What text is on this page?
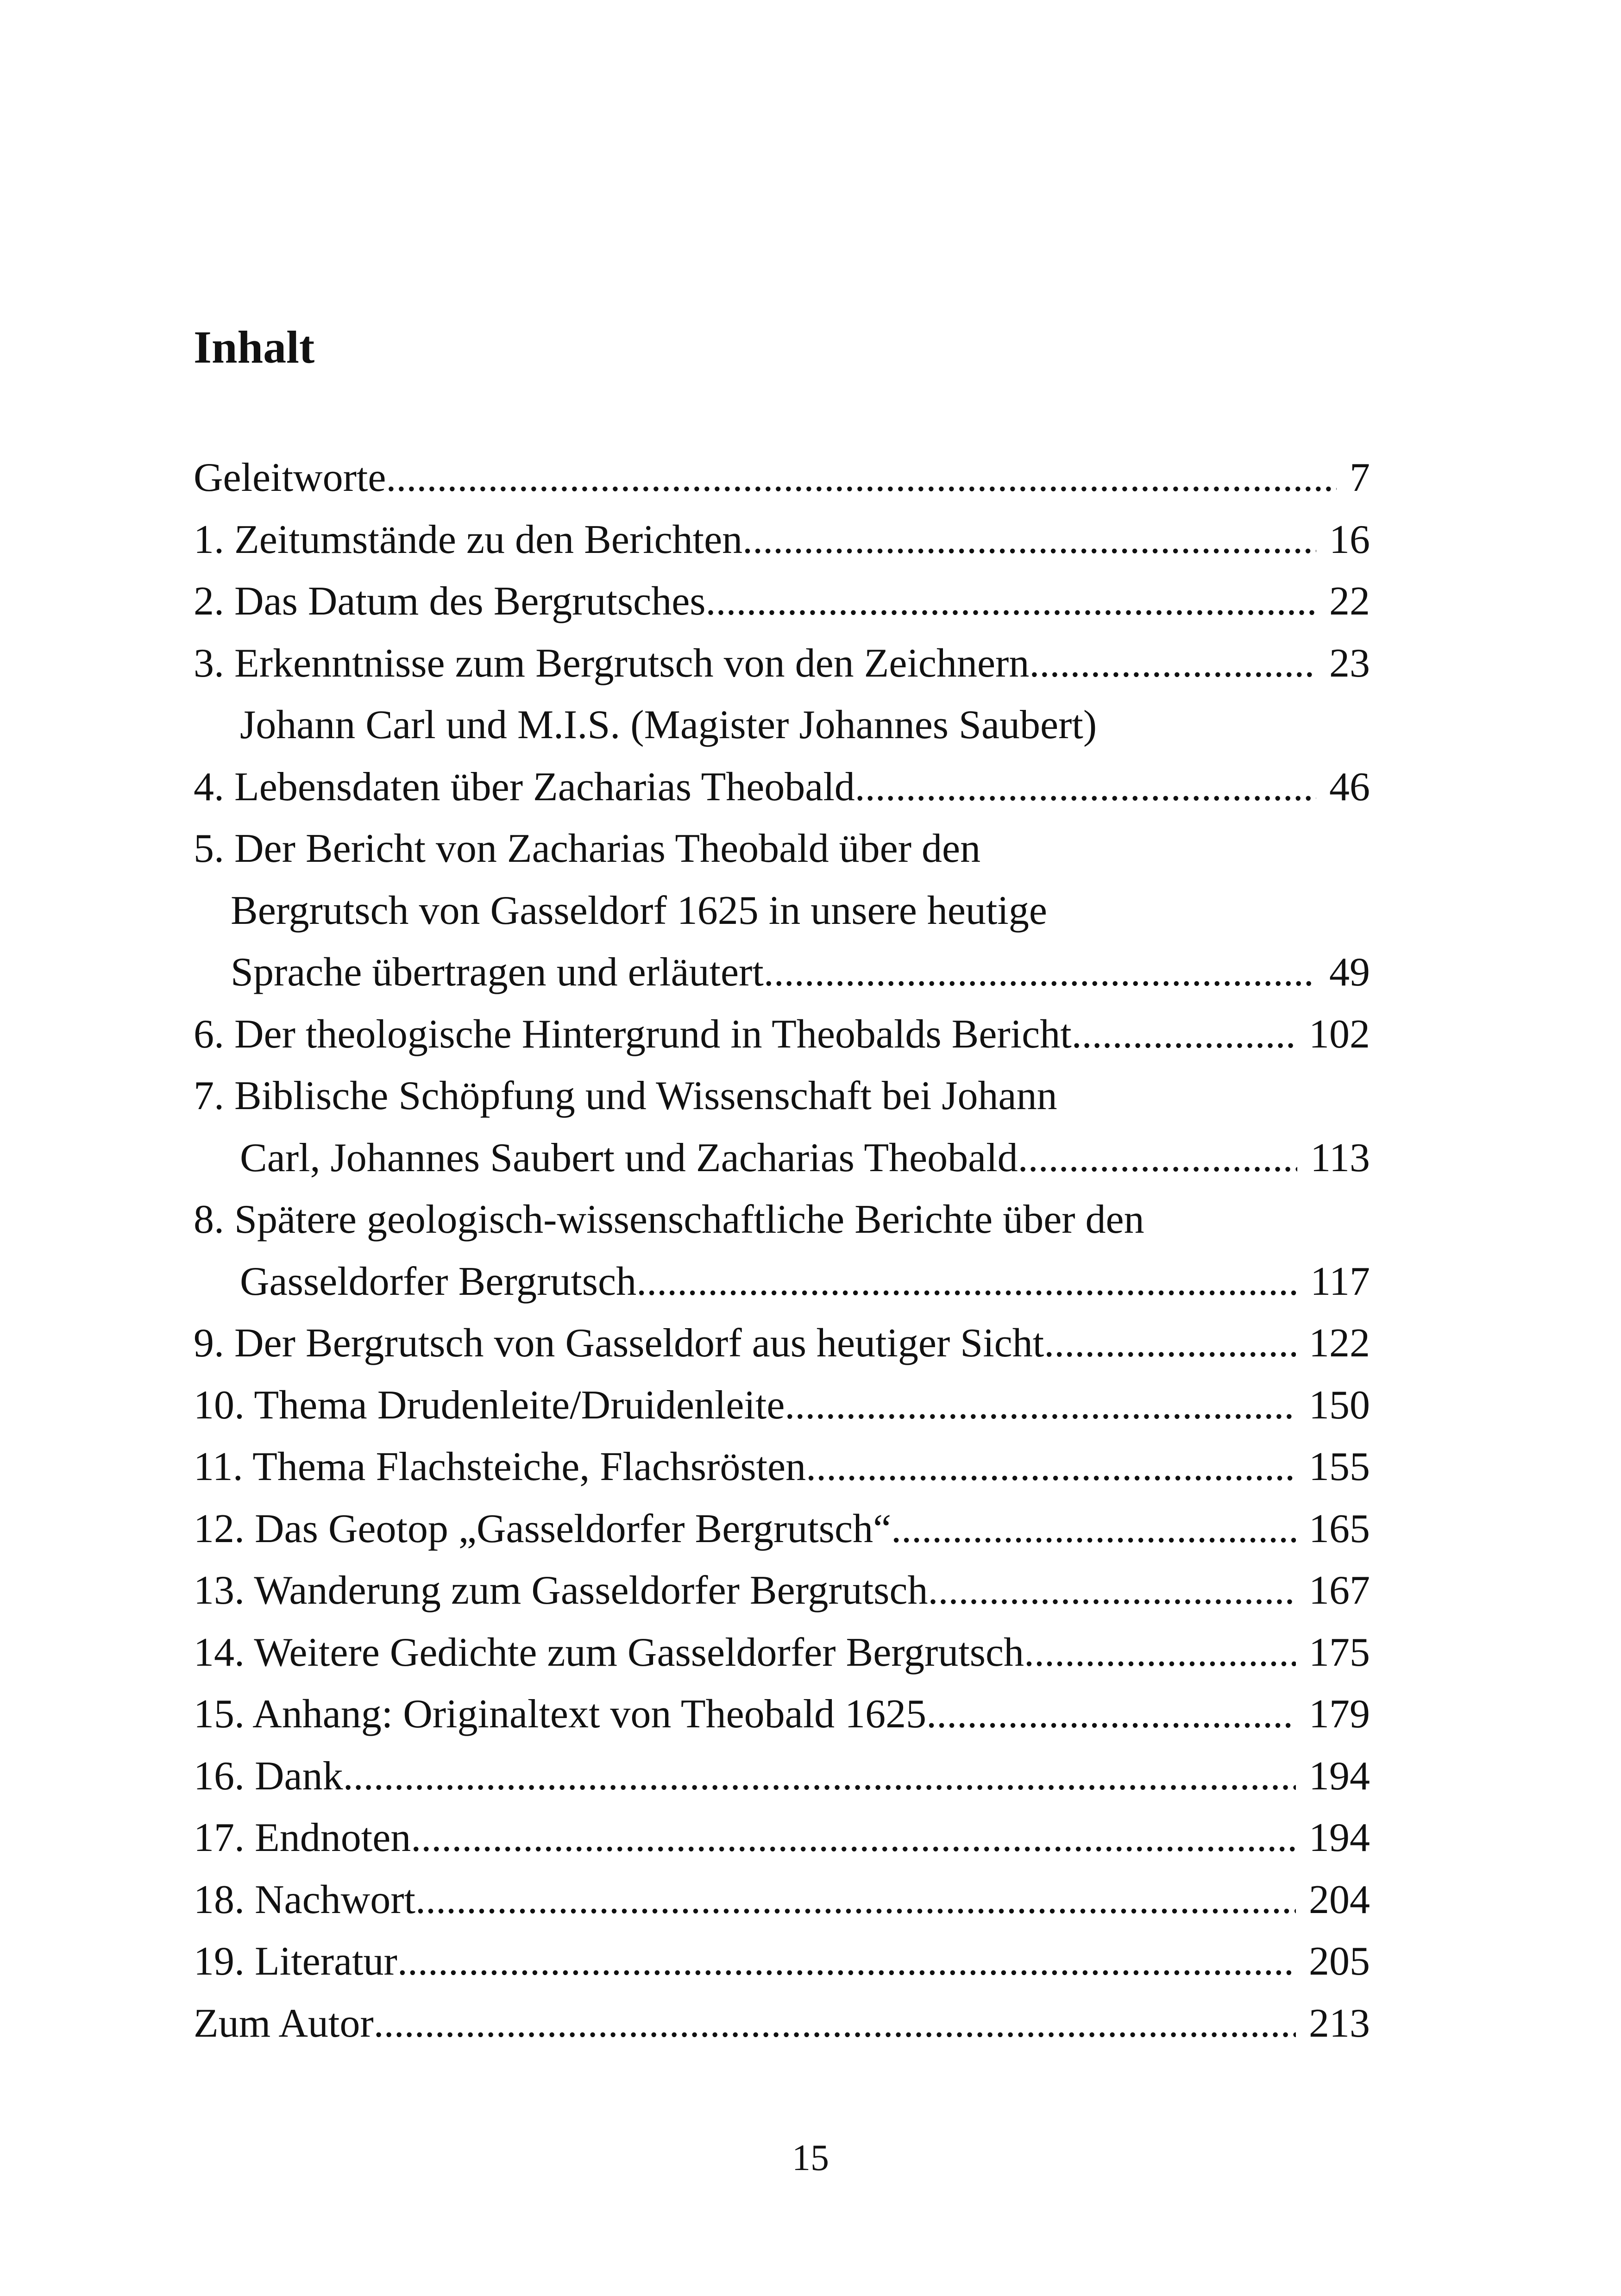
Inhalt
Geleitworte .....	7
1. Zeitumstände zu den Berichten .....	16
2. Das Datum des Bergrutsches .....	22
3. Erkenntnisse zum Bergrutsch von den Zeichnern .....	23
Johann Carl und M.I.S. (Magister Johannes Saubert)
4. Lebensdaten über Zacharias Theobald .....	46
5. Der Bericht von Zacharias Theobald über den
Bergrutsch von Gasseldorf 1625 in unsere heutige
Sprache übertragen und erläutert .....	49
6. Der theologische Hintergrund in Theobalds Bericht .....	102
7. Biblische Schöpfung und Wissenschaft bei Johann
Carl, Johannes Saubert und Zacharias Theobald .....	113
8. Spätere geologisch-wissenschaftliche Berichte über den
Gasseldorfer Bergrutsch .....	117
9. Der Bergrutsch von Gasseldorf aus heutiger Sicht .....	122
10. Thema Drudenleite/Druidenleite .....	150
11. Thema Flachsteiche, Flachsrösten .....	155
12. Das Geotop „Gasseldorfer Bergrutsch“ .....	165
13. Wanderung zum Gasseldorfer Bergrutsch .....	167
14. Weitere Gedichte zum Gasseldorfer Bergrutsch .....	175
15. Anhang: Originaltext von Theobald 1625 .....	179
16. Dank .....	194
17. Endnoten .....	194
18. Nachwort .....	204
19. Literatur .....	205
Zum Autor .....	213
15
